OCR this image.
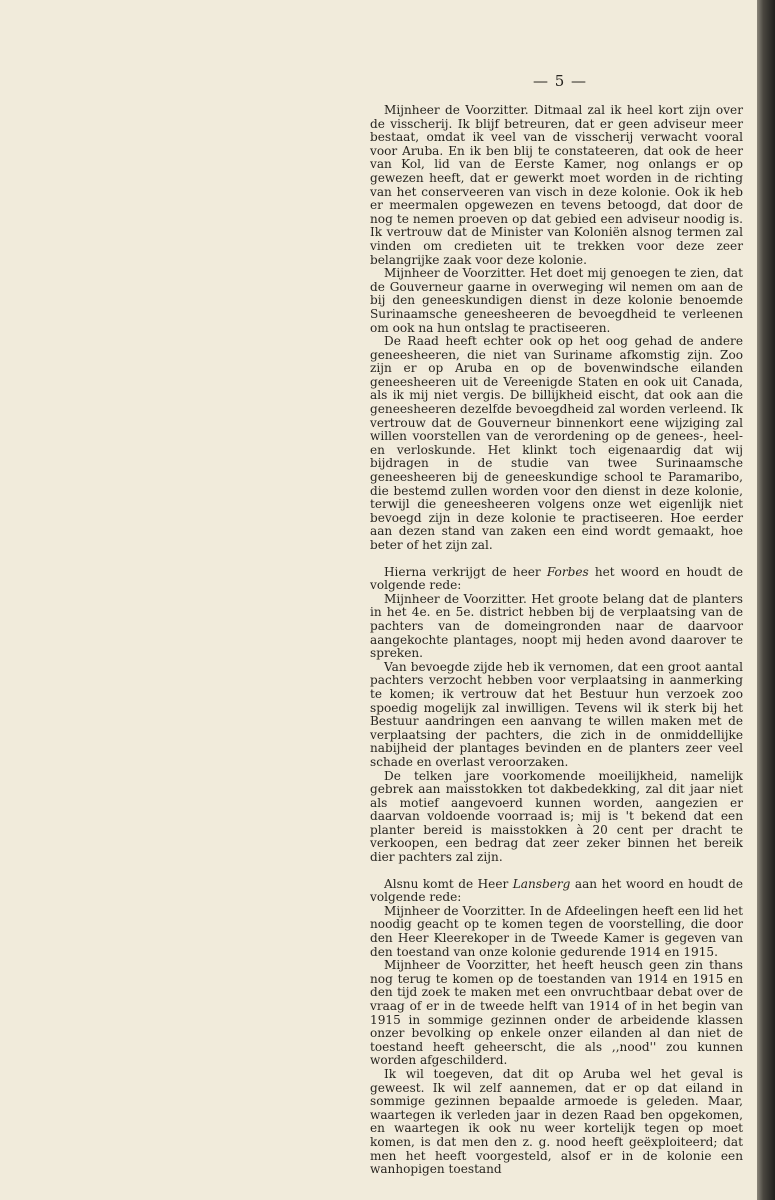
— 5 —

Mijnheer de Voorzitter. Ditmaal zal ik heel kort zijn over de visscherij. Ik blijf betreuren, dat er geen adviseur meer bestaat, omdat ik veel van de visscherij verwacht vooral voor Aruba. En ik ben blij te constateeren, dat ook de heer van Kol, lid van de Eerste Kamer, nog onlangs er op gewezen heeft, dat er gewerkt moet worden in de richting van het conserveeren van visch in deze kolonie. Ook ik heb er meermalen opgewezen en tevens betoogd, dat door de nog te nemen proeven op dat gebied een adviseur noodig is. Ik vertrouw dat de Minister van Koloniën alsnog termen zal vinden om credieten uit te trekken voor deze zeer belangrijke zaak voor deze kolonie.

Mijnheer de Voorzitter. Het doet mij genoegen te zien, dat de Gouverneur gaarne in overweging wil nemen om aan de bij den geneeskundigen dienst in deze kolonie benoemde Surinaamsche geneesheeren de bevoegdheid te verleenen om ook na hun ontslag te practiseeren.

De Raad heeft echter ook op het oog gehad de andere geneesheeren, die niet van Suriname afkomstig zijn. Zoo zijn er op Aruba en op de bovenwindsche eilanden geneesheeren uit de Vereenigde Staten en ook uit Canada, als ik mij niet vergis. De billijkheid eischt, dat ook aan die geneesheeren dezelfde bevoegdheid zal worden verleend. Ik vertrouw dat de Gouverneur binnenkort eene wijziging zal willen voorstellen van de verordening op de genees-, heel- en verloskunde. Het klinkt toch eigenaardig dat wij bijdragen in de studie van twee Surinaamsche geneesheeren bij de geneeskundige school te Paramaribo, die bestemd zullen worden voor den dienst in deze kolonie, terwijl die geneesheeren volgens onze wet eigenlijk niet bevoegd zijn in deze kolonie te practiseeren. Hoe eerder aan dezen stand van zaken een eind wordt gemaakt, hoe beter of het zijn zal.

Hierna verkrijgt de heer Forbes het woord en houdt de volgende rede:

Mijnheer de Voorzitter. Het groote belang dat de planters in het 4e. en 5e. district hebben bij de verplaatsing van de pachters van de domeingronden naar de daarvoor aangekochte plantages, noopt mij heden avond daarover te spreken.

Van bevoegde zijde heb ik vernomen, dat een groot aantal pachters verzocht hebben voor verplaatsing in aanmerking te komen; ik vertrouw dat het Bestuur hun verzoek zoo spoedig mogelijk zal inwilligen. Tevens wil ik sterk bij het Bestuur aandringen een aanvang te willen maken met de verplaatsing der pachters, die zich in de onmiddellijke nabijheid der plantages bevinden en de planters zeer veel schade en overlast veroorzaken.

De telken jare voorkomende moeilijkheid, namelijk gebrek aan maisstokken tot dakbedekking, zal dit jaar niet als motief aangevoerd kunnen worden, aangezien er daarvan voldoende voorraad is; mij is 't bekend dat een planter bereid is maisstokken à 20 cent per dracht te verkoopen, een bedrag dat zeer zeker binnen het bereik dier pachters zal zijn.

Alsnu komt de Heer Lansberg aan het woord en houdt de volgende rede:

Mijnheer de Voorzitter. In de Afdeelingen heeft een lid het noodig geacht op te komen tegen de voorstelling, die door den Heer Kleerekoper in de Tweede Kamer is gegeven van den toestand van onze kolonie gedurende 1914 en 1915.

Mijnheer de Voorzitter, het heeft heusch geen zin thans nog terug te komen op de toestanden van 1914 en 1915 en den tijd zoek te maken met een onvruchtbaar debat over de vraag of er in de tweede helft van 1914 of in het begin van 1915 in sommige gezinnen onder de arbeidende klassen onzer bevolking op enkele onzer eilanden al dan niet de toestand heeft geheerscht, die als ,,nood'' zou kunnen worden afgeschilderd.

Ik wil toegeven, dat dit op Aruba wel het geval is geweest. Ik wil zelf aannemen, dat er op dat eiland in sommige gezinnen bepaalde armoede is geleden. Maar, waartegen ik verleden jaar in dezen Raad ben opgekomen, en waartegen ik ook nu weer kortelijk tegen op moet komen, is dat men den z. g. nood heeft geëxploiteerd; dat men het heeft voorgesteld, alsof er in de kolonie een wanhopigen toestand
